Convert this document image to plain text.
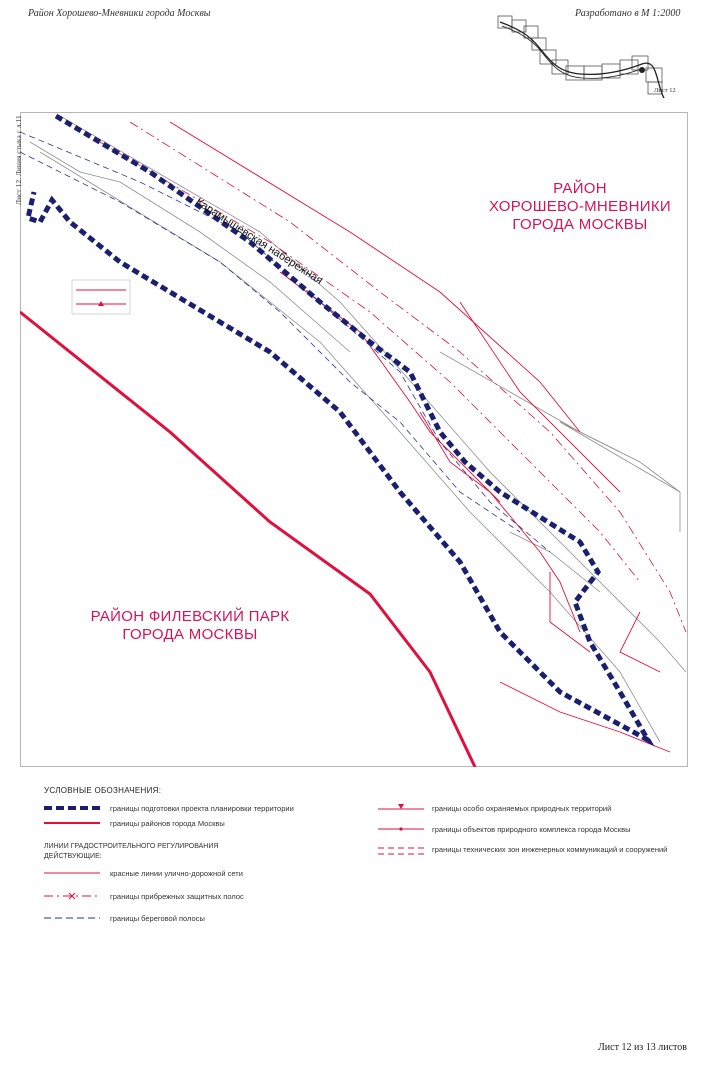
Район Хорошево-Мневники города Москвы	Разработано в М 1:2000
Лист 12
Лист 12. Линия стыка с л.11
Карамышевская набережная
РАЙОН
ХОРОШЕВО-МНЕВНИКИ
ГОРОДА МОСКВЫ
РАЙОН ФИЛЕВСКИЙ ПАРК
ГОРОДА МОСКВЫ
УСЛОВНЫЕ ОБОЗНАЧЕНИЯ:
границы подготовки проекта планировки территории
границы районов города Москвы
ЛИНИИ ГРАДОСТРОИТЕЛЬНОГО РЕГУЛИРОВАНИЯ
ДЕЙСТВУЮЩИЕ:
красные линии улично-дорожной сети
границы прибрежных защитных полос
границы береговой полосы
границы особо охраняемых природных территорий
границы объектов природного комплекса города Москвы
границы технических зон инженерных коммуникаций и сооружений
Лист 12 из 13 листов
